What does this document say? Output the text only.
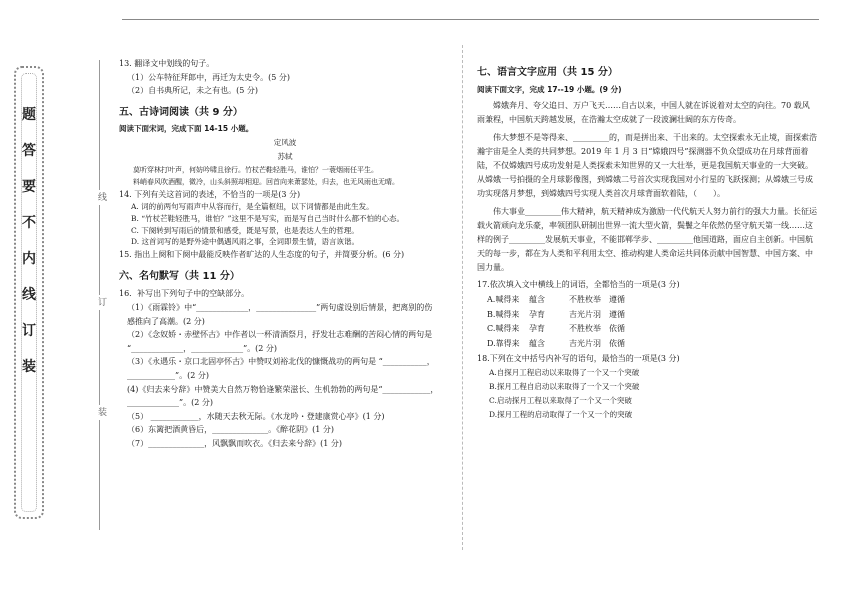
装
订
线
内
不
要
答
题
线
订
装

13. 翻译文中划线的句子。

（1）公车特征拜郎中，再迁为太史令。(5 分)

（2）自书典所记，未之有也。(5 分)

五、古诗词阅读（共 9 分）

阅读下面宋词，完成下面 14-15 小题。

定风波

苏轼

莫听穿林打叶声，何妨吟啸且徐行。竹杖芒鞋轻胜马，谁怕？一蓑烟雨任平生。

料峭春风吹酒醒，微冷，山头斜照却相迎。回首向来萧瑟处，归去，也无风雨也无晴。

14. 下列有关这首词的表述，不恰当的一项是(3 分)

A. 词的前两句写雨声中从容而行，是全篇枢纽，以下词情都是由此生发。

B. “竹杖芒鞋轻胜马，谁怕？”这里不是写实，而是写自己当时什么都不怕的心态。

C. 下阕转到写雨后的情景和感受，既是写景，也是表达人生的哲理。

D. 这首词写的是野外途中偶遇风雨之事，全词即景生情，语言诙谐。

15. 指出上阕和下阕中最能反映作者旷达的人生态度的句子，并简要分析。(6 分)

六、名句默写（共 11 分）

16．补写出下列句子中的空缺部分。

（1）《雨霖铃》中“_____________，_______________”两句虚设别后情景，把离别的伤

感推向了高潮。(2 分)

（2）《念奴娇・赤壁怀古》中作者以一杯清酒祭月，抒发壮志难酬的苦闷心情的两句是

“_____________，_____________”。(2 分)

（3）《永遇乐・京口北固亭怀古》中赞叹刘裕北伐的慷慨战功的两句是 “___________，

____________”。(2 分)

(4)《归去来兮辞》中赞美大自然万物恰逢繁荣滋长、生机勃勃的两句是“____________，

_____________”。(2 分)

（5） ____________，水随天去秋无际。《水龙吟・登建康赏心亭》(1 分)

（6）东篱把酒黄昏后，______________。《醉花阴》(1 分)

（7）______________，风飘飘而吹衣。《归去来兮辞》(1 分)

七、语言文字应用（共 15 分）

阅读下面文字，完成 17--19 小题。(9 分)

嫦娥奔月、夸父追日、万户飞天……自古以来，中国人就在诉说着对太空的向往。70 载风雨兼程，中国航天跨越发展，在浩瀚太空成就了一段波澜壮阔的东方传奇。

伟大梦想不是等得来、_________的，而是拼出来、干出来的。太空探索永无止境，面探索浩瀚宇宙是全人类的共同梦想。2019 年 1 月 3 日“嫦娥四号”探测器不负众望成功在月球背面着陆，不仅嫦娥四号成功发射是人类探索未知世界的又一大壮举，更是我国航天事业的一大突破。从嫦娥一号拍摄的全月球影像图，到嫦娥二号首次实现我国对小行星的飞跃探测；从嫦娥三号成功实现落月梦想，到嫦娥四号实现人类首次月球背面软着陆，（　　）。

伟大事业_________伟大精神，航天精神成为激励一代代航天人努力前行的强大力量。长征运载火箭顽向龙乐豪，率领团队研制出世界一流大型火箭，鬓鬟之年依然仍坚守航天第一线……这样的例子_________发展航天事业，不能邯郸学步、_________他国道路，面应自主创新。中国航天的每一步，都在为人类和平利用太空、推动构建人类命运共同体贡献中国智慧、中国方案、中国力量。

17.依次填入文中横线上的词语，全都恰当的一项是(3 分)

A.喊得来	蕴含	不胜枚举	遵循
B.喊得来	孕育	吉光片羽	遵循
C.喊得来	孕育	不胜枚举	依循
D.靠得来	蕴含	吉光片羽	依循

18.下列在文中括号内补写的语句，最恰当的一项是(3 分)

A.自探月工程启动以来取得了一个又一个突破

B.探月工程自启动以来取得了一个又一个突破

C.启动探月工程以来取得了一个又一个突破

D.探月工程的启动取得了一个又一个的突破
